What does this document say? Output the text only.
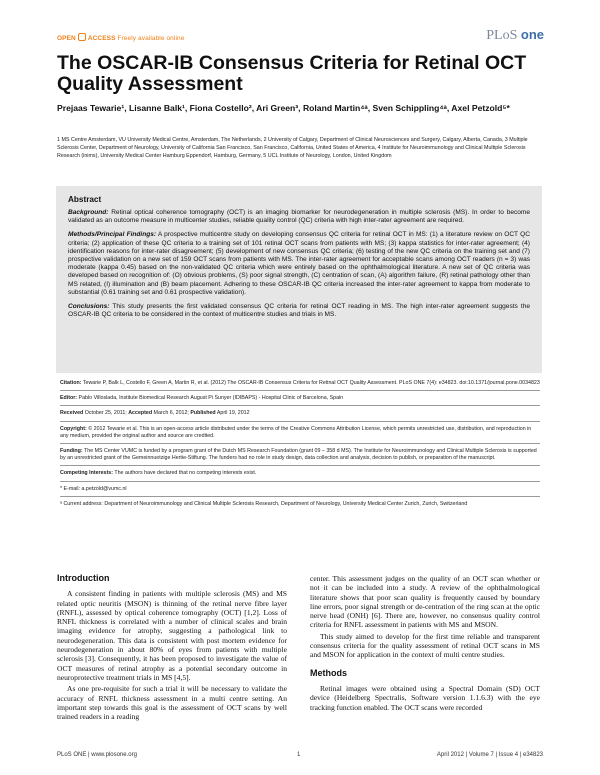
OPEN ACCESS Freely available online	PLoS one
The OSCAR-IB Consensus Criteria for Retinal OCT Quality Assessment
Prejaas Tewarie¹, Lisanne Balk¹, Fiona Costello², Ari Green³, Roland Martin⁴ᵃ, Sven Schippling⁴ᵃ, Axel Petzold⁵*
1 MS Centre Amsterdam, VU University Medical Centre, Amsterdam, The Netherlands, 2 University of Calgary, Department of Clinical Neurosciences and Surgery, Calgary, Alberta, Canada, 3 Multiple Sclerosis Center, Department of Neurology, University of California San Francisco, San Francisco, California, United States of America, 4 Institute for Neuroimmunology and Clinical Multiple Sclerosis Research (inims), University Medical Center Hamburg Eppendorf, Hamburg, Germany, 5 UCL Institute of Neurology, London, United Kingdom
Abstract

Background: Retinal optical coherence tomography (OCT) is an imaging biomarker for neurodegeneration in multiple sclerosis (MS). In order to become validated as an outcome measure in multicenter studies, reliable quality control (QC) criteria with high inter-rater agreement are required.

Methods/Principal Findings: A prospective multicentre study on developing consensus QC criteria for retinal OCT in MS: (1) a literature review on OCT QC criteria; (2) application of these QC criteria to a training set of 101 retinal OCT scans from patients with MS; (3) kappa statistics for inter-rater agreement; (4) identification reasons for inter-rater disagreement; (5) development of new consensus QC criteria; (6) testing of the new QC criteria on the training set and (7) prospective validation on a new set of 159 OCT scans from patients with MS. The inter-rater agreement for acceptable scans among OCT readers (n = 3) was moderate (kappa 0.45) based on the non-validated QC criteria which were entirely based on the ophthalmological literature. A new set of QC criteria was developed based on recognition of: (O) obvious problems, (S) poor signal strength, (C) centration of scan, (A) algorithm failure, (R) retinal pathology other than MS related, (I) illumination and (B) beam placement. Adhering to these OSCAR-IB QC criteria increased the inter-rater agreement to kappa from moderate to substantial (0.61 training set and 0.61 prospective validation).

Conclusions: This study presents the first validated consensus QC criteria for retinal OCT reading in MS. The high inter-rater agreement suggests the OSCAR-IB QC criteria to be considered in the context of multicentre studies and trials in MS.

Citation: Tewarie P, Balk L, Costello F, Green A, Martin R, et al. (2012) The OSCAR-IB Consensus Criteria for Retinal OCT Quality Assessment. PLoS ONE 7(4): e34823. doi:10.1371/journal.pone.0034823
Editor: Pablo Villoslada, Institute Biomedical Research August Pi Sunyer (IDIBAPS) - Hospital Clinic of Barcelona, Spain
Received October 25, 2011; Accepted March 6, 2012; Published April 19, 2012
Copyright: © 2012 Tewarie et al. This is an open-access article distributed under the terms of the Creative Commons Attribution License, which permits unrestricted use, distribution, and reproduction in any medium, provided the original author and source are credited.
Funding: The MS Center VUMC is funded by a program grant of the Dutch MS Research Foundation (grant 09 – 358 d MS). The Institute for Neuroimmunology and Clinical Multiple Sclerosis is supported by an unrestricted grant of the Gemeinnuetzige Hertie-Stiftung. The funders had no role in study design, data collection and analysis, decision to publish, or preparation of the manuscript.
Competing Interests: The authors have declared that no competing interests exist.
* E-mail: a.petzold@vumc.nl
ᵃ Current address: Department of Neuroimmunology and Clinical Multiple Sclerosis Research, Department of Neurology, University Medical Center Zurich, Zurich, Switzerland
Introduction

A consistent finding in patients with multiple sclerosis (MS) and MS related optic neuritis (MSON) is thinning of the retinal nerve fibre layer (RNFL), assessed by optical coherence tomography (OCT) [1,2]. Loss of RNFL thickness is correlated with a number of clinical scales and brain imaging evidence for atrophy, suggesting a pathological link to neurodegeneration. This data is consistent with post mortem evidence for neurodegeneration in about 80% of eyes from patients with multiple sclerosis [3]. Consequently, it has been proposed to investigate the value of OCT measures of retinal atrophy as a potential secondary outcome in neuroprotective treatment trials in MS [4,5].

As one pre-requisite for such a trial it will be necessary to validate the accuracy of RNFL thickness assessment in a multi centre setting. An important step towards this goal is the assessment of OCT scans by well trained readers in a reading

center. This assessment judges on the quality of an OCT scan whether or not it can be included into a study. A review of the ophthalmological literature shows that poor scan quality is frequently caused by boundary line errors, poor signal strength or de-centration of the ring scan at the optic nerve head (ONH) [6]. There are, however, no consensus quality control criteria for RNFL assessment in patients with MS and MSON.

This study aimed to develop for the first time reliable and transparent consensus criteria for the quality assessment of retinal OCT scans in MS and MSON for application in the context of multi centre studies.

Methods

Retinal images were obtained using a Spectral Domain (SD) OCT device (Heidelberg Spectralis, Software version 1.1.6.3) with the eye tracking function enabled. The OCT scans were recorded

PLoS ONE | www.plosone.org	1	April 2012 | Volume 7 | Issue 4 | e34823
